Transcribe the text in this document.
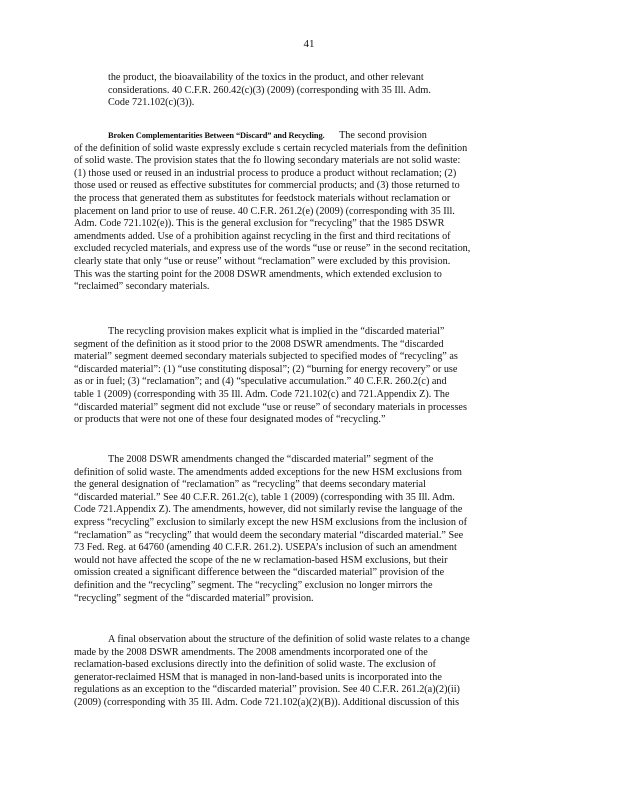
41
the product, the bioavailability of the toxics in the product, and other relevant
considerations. 40 C.F.R. 260.42(c)(3) (2009) (corresponding with 35 Ill. Adm.
Code 721.102(c)(3)).
Broken Complementarities Between “Discard” and Recycling. The second provision
of the definition of solid waste expressly exclude s certain recycled materials from the definition
of solid waste. The provision states that the fo llowing secondary materials are not solid waste:
(1) those used or reused in an industrial process to produce a product without reclamation; (2)
those used or reused as effective substitutes for commercial products; and (3) those returned to
the process that generated them as substitutes for feedstock materials without reclamation or
placement on land prior to use of reuse. 40 C.F.R. 261.2(e) (2009) (corresponding with 35 Ill.
Adm. Code 721.102(e)). This is the general exclusion for “recycling” that the 1985 DSWR
amendments added. Use of a prohibition against recycling in the first and third recitations of
excluded recycled materials, and express use of the words “use or reuse” in the second recitation,
clearly state that only “use or reuse” without “reclamation” were excluded by this provision.
This was the starting point for the 2008 DSWR amendments, which extended exclusion to
“reclaimed” secondary materials.
The recycling provision makes explicit what is implied in the “discarded material”
segment of the definition as it stood prior to the 2008 DSWR amendments. The “discarded
material” segment deemed secondary materials subjected to specified modes of “recycling” as
“discarded material”: (1) “use constituting disposal”; (2) “burning for energy recovery” or use
as or in fuel; (3) “reclamation”; and (4) “speculative accumulation.” 40 C.F.R. 260.2(c) and
table 1 (2009) (corresponding with 35 Ill. Adm. Code 721.102(c) and 721.Appendix Z). The
“discarded material” segment did not exclude “use or reuse” of secondary materials in processes
or products that were not one of these four designated modes of “recycling.”
The 2008 DSWR amendments changed the “discarded material” segment of the
definition of solid waste. The amendments added exceptions for the new HSM exclusions from
the general designation of “reclamation” as “recycling” that deems secondary material
“discarded material.” See 40 C.F.R. 261.2(c), table 1 (2009) (corresponding with 35 Ill. Adm.
Code 721.Appendix Z). The amendments, however, did not similarly revise the language of the
express “recycling” exclusion to similarly except the new HSM exclusions from the inclusion of
“reclamation” as “recycling” that would deem the secondary material “discarded material.” See
73 Fed. Reg. at 64760 (amending 40 C.F.R. 261.2). USEPA’s inclusion of such an amendment
would not have affected the scope of the ne w reclamation-based HSM exclusions, but their
omission created a significant difference between the “discarded material” provision of the
definition and the “recycling” segment. The “recycling” exclusion no longer mirrors the
“recycling” segment of the “discarded material” provision.
A final observation about the structure of the definition of solid waste relates to a change
made by the 2008 DSWR amendments. The 2008 amendments incorporated one of the
reclamation-based exclusions directly into the definition of solid waste. The exclusion of
generator-reclaimed HSM that is managed in non-land-based units is incorporated into the
regulations as an exception to the “discarded material” provision. See 40 C.F.R. 261.2(a)(2)(ii)
(2009) (corresponding with 35 Ill. Adm. Code 721.102(a)(2)(B)). Additional discussion of this
